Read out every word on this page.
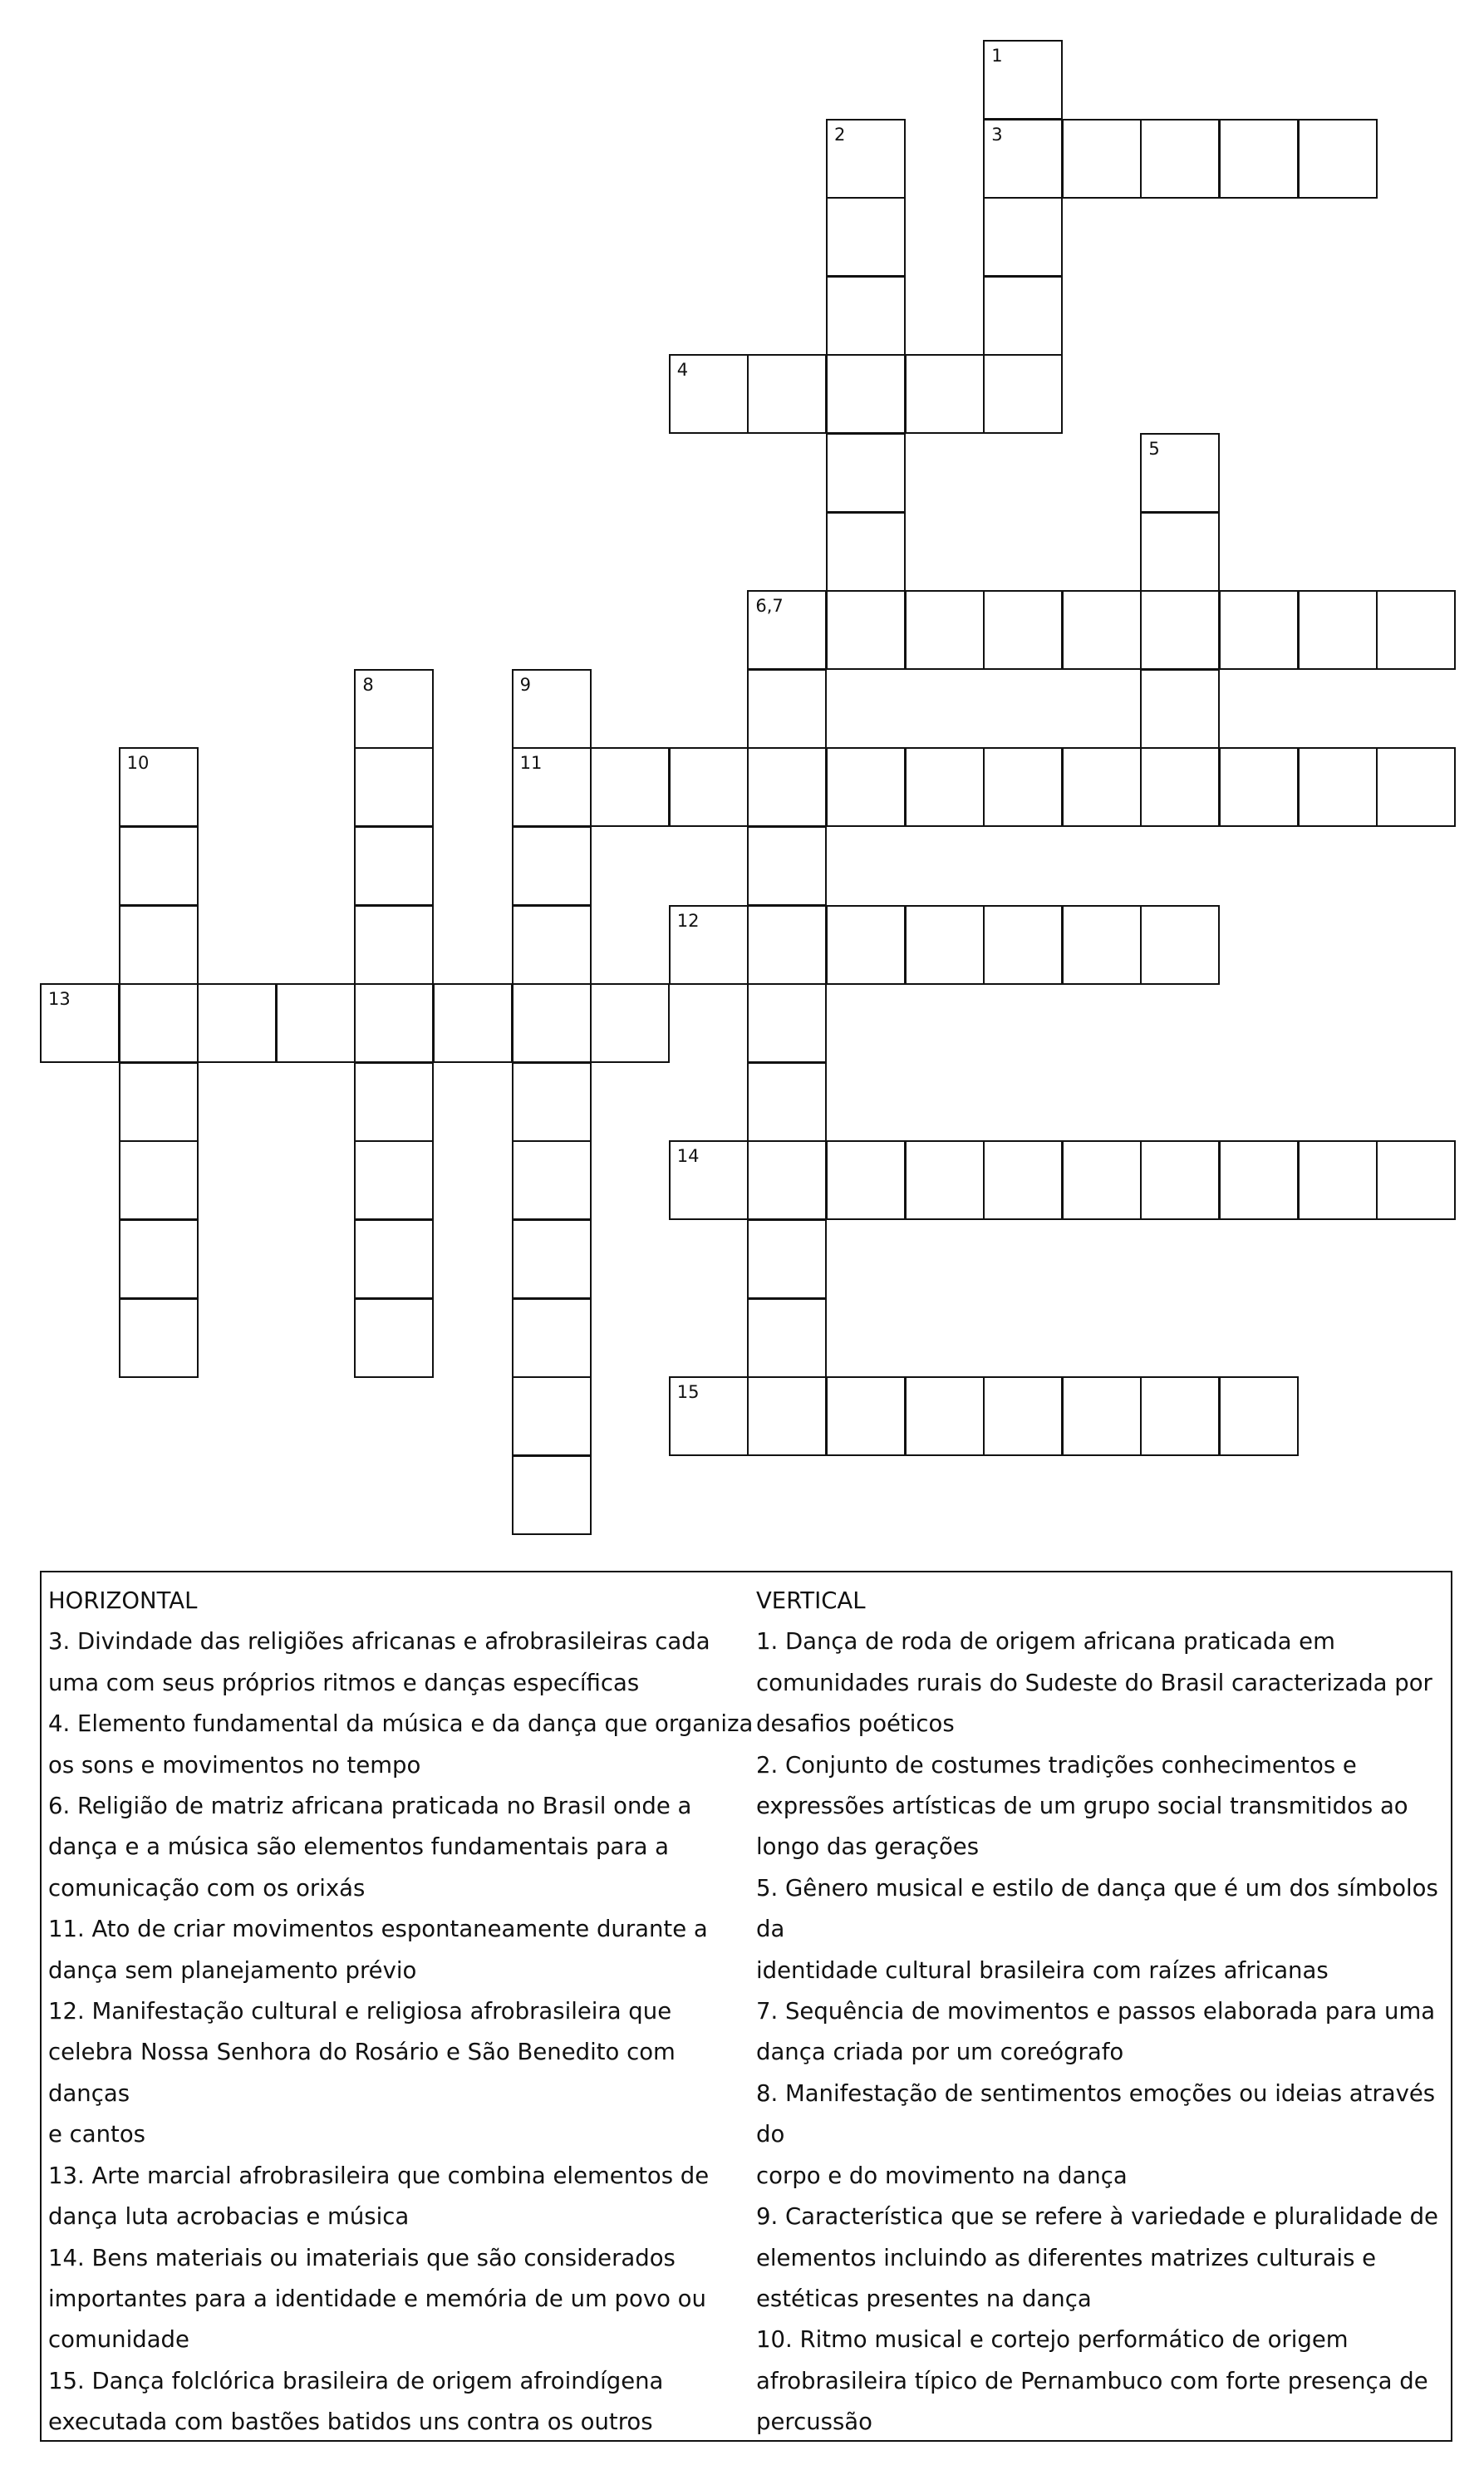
1
2	3
4
5
6,7
8	9
10	11
12
13
14
15
HORIZONTAL
3. Divindade das religiões africanas e afrobrasileiras cada
uma com seus próprios ritmos e danças específicas
4. Elemento fundamental da música e da dança que organiza
os sons e movimentos no tempo
6. Religião de matriz africana praticada no Brasil onde a
dança e a música são elementos fundamentais para a
comunicação com os orixás
11. Ato de criar movimentos espontaneamente durante a
dança sem planejamento prévio
12. Manifestação cultural e religiosa afrobrasileira que
celebra Nossa Senhora do Rosário e São Benedito com danças
e cantos
13. Arte marcial afrobrasileira que combina elementos de
dança luta acrobacias e música
14. Bens materiais ou imateriais que são considerados
importantes para a identidade e memória de um povo ou
comunidade
15. Dança folclórica brasileira de origem afroindígena
executada com bastões batidos uns contra os outros
VERTICAL
1. Dança de roda de origem africana praticada em
comunidades rurais do Sudeste do Brasil caracterizada por
desafios poéticos
2. Conjunto de costumes tradições conhecimentos e
expressões artísticas de um grupo social transmitidos ao
longo das gerações
5. Gênero musical e estilo de dança que é um dos símbolos da
identidade cultural brasileira com raízes africanas
7. Sequência de movimentos e passos elaborada para uma
dança criada por um coreógrafo
8. Manifestação de sentimentos emoções ou ideias através do
corpo e do movimento na dança
9. Característica que se refere à variedade e pluralidade de
elementos incluindo as diferentes matrizes culturais e
estéticas presentes na dança
10. Ritmo musical e cortejo performático de origem
afrobrasileira típico de Pernambuco com forte presença de
percussão
